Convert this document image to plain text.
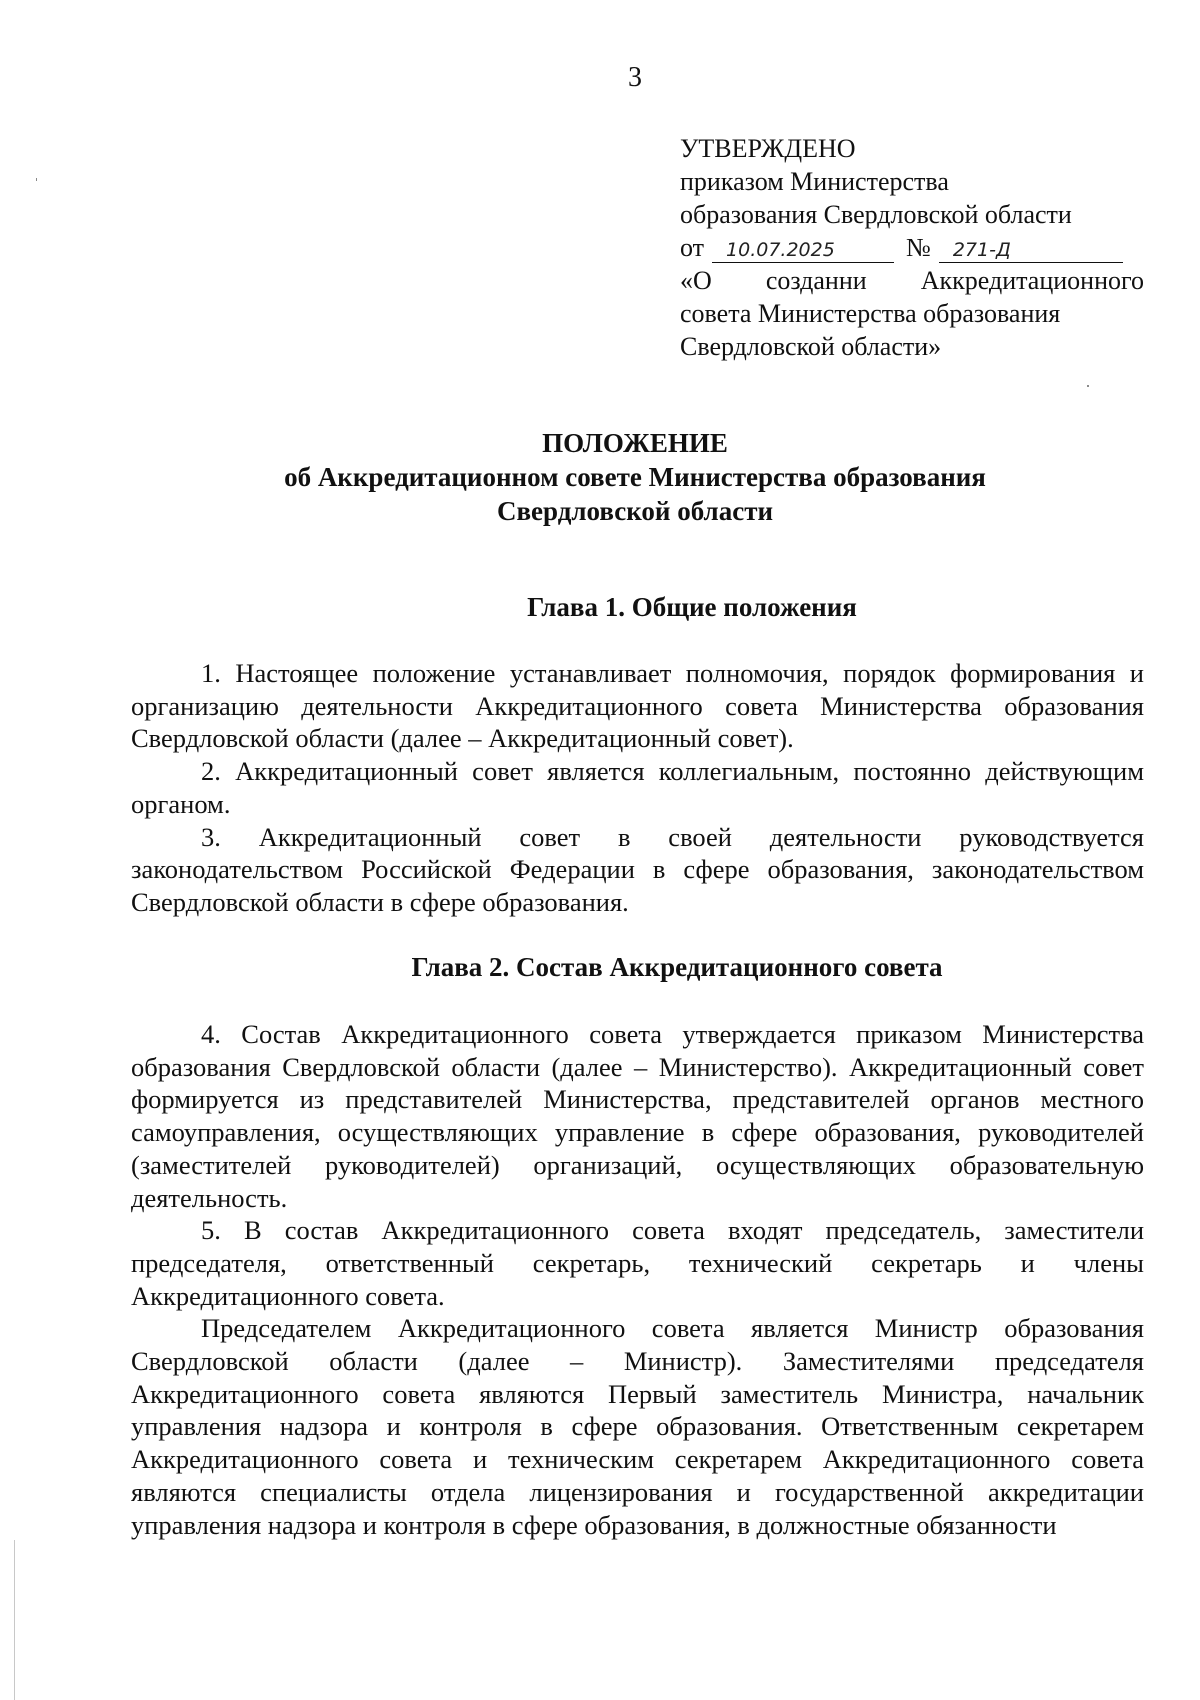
3
УТВЕРЖДЕНО
приказом Министерства
образования Свердловской области
от	10.07.2025	№	271-Д
«О созданни Аккредитационного
совета Министерства образования
Свердловской области»
ПОЛОЖЕНИЕ
об Аккредитационном совете Министерства образования
Свердловской области
Глава 1. Общие положения

1. Настоящее положение устанавливает полномочия, порядок формирования и организацию деятельности Аккредитационного совета Министерства образования Свердловской области (далее – Аккредитационный совет).

2. Аккредитационный совет является коллегиальным, постоянно действующим органом.

3. Аккредитационный совет в своей деятельности руководствуется законодательством Российской Федерации в сфере образования, законодательством Свердловской области в сфере образования.

Глава 2. Состав Аккредитационного совета

4. Состав Аккредитационного совета утверждается приказом Министерства образования Свердловской области (далее – Министерство). Аккредитационный совет формируется из представителей Министерства, представителей органов местного самоуправления, осуществляющих управление в сфере образования, руководителей (заместителей руководителей) организаций, осуществляющих образовательную деятельность.

5. В состав Аккредитационного совета входят председатель, заместители председателя, ответственный секретарь, технический секретарь и члены Аккредитационного совета.

Председателем Аккредитационного совета является Министр образования Свердловской области (далее – Министр). Заместителями председателя Аккредитационного совета являются Первый заместитель Министра, начальник управления надзора и контроля в сфере образования. Ответственным секретарем Аккредитационного совета и техническим секретарем Аккредитационного совета являются специалисты отдела лицензирования и государственной аккредитации управления надзора и контроля в сфере образования, в должностные обязанности
